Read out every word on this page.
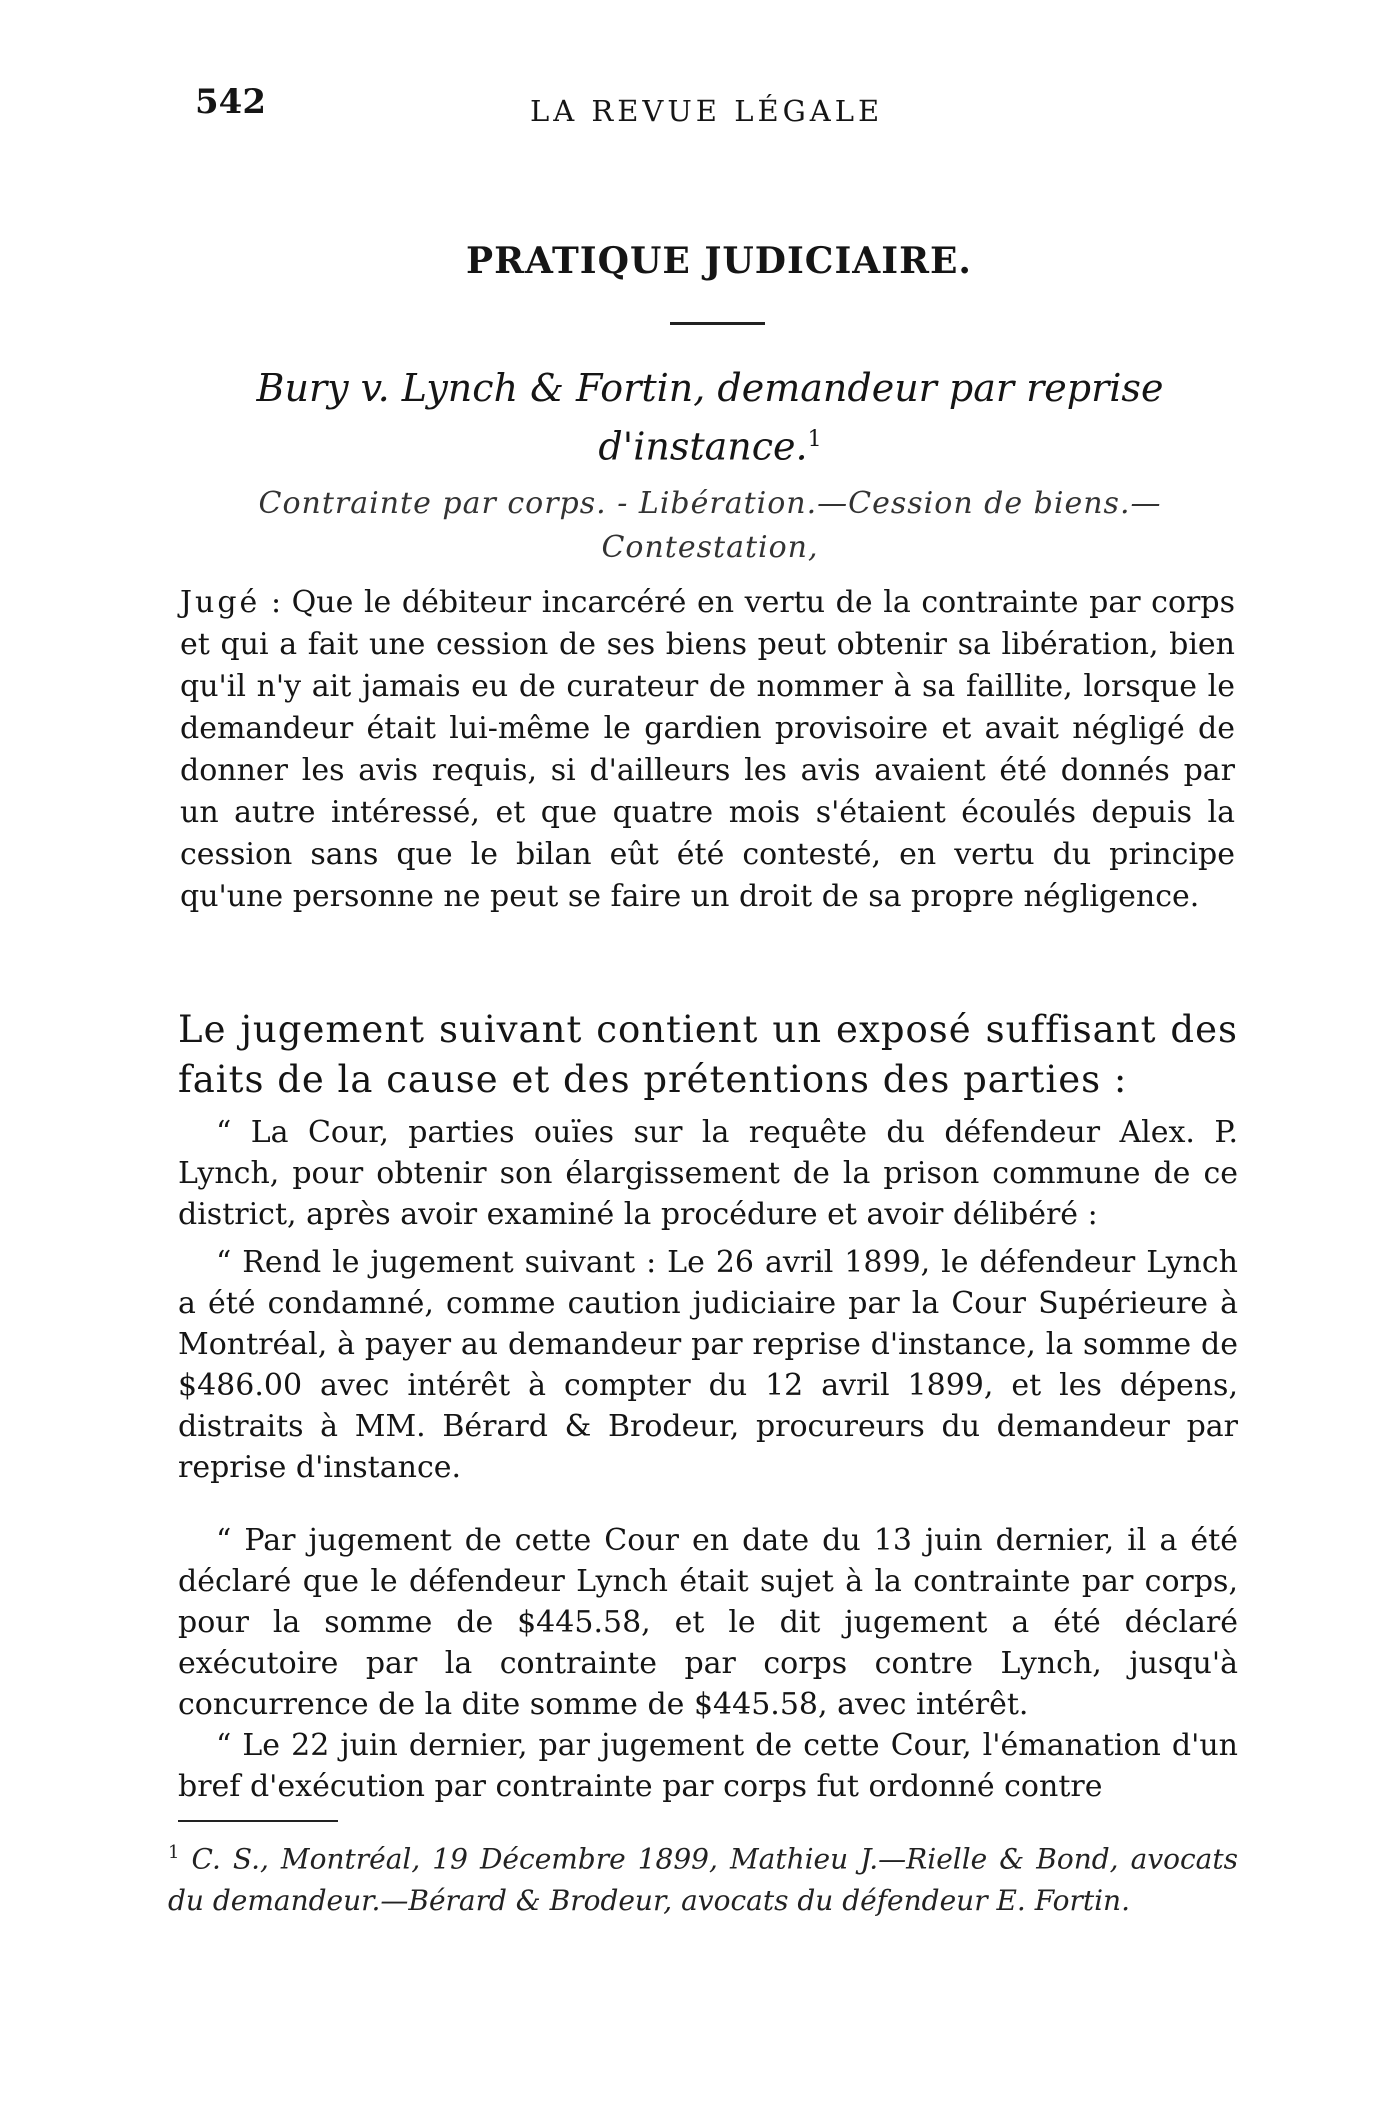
542	LA REVUE LÉGALE
PRATIQUE JUDICIAIRE.
Bury v. Lynch & Fortin, demandeur par reprise d'instance.$^1$
Contrainte par corps. - Libération.—Cession de biens.— Contestation,
Jugé : Que le débiteur incarcéré en vertu de la contrainte par corps et qui a fait une cession de ses biens peut obtenir sa libération, bien qu'il n'y ait jamais eu de curateur de nommer à sa faillite, lorsque le demandeur était lui-même le gardien provisoire et avait négligé de donner les avis requis, si d'ailleurs les avis avaient été donnés par un autre intéressé, et que quatre mois s'étaient écoulés depuis la cession sans que le bilan eût été contesté, en vertu du principe qu'une personne ne peut se faire un droit de sa propre négligence.
Le jugement suivant contient un exposé suffisant des faits de la cause et des prétentions des parties :
“ La Cour, parties ouïes sur la requête du défendeur Alex. P. Lynch, pour obtenir son élargissement de la prison commune de ce district, après avoir examiné la procédure et avoir délibéré :
“ Rend le jugement suivant : Le 26 avril 1899, le défendeur Lynch a été condamné, comme caution judiciaire par la Cour Supérieure à Montréal, à payer au demandeur par reprise d'instance, la somme de $486.00 avec intérêt à compter du 12 avril 1899, et les dépens, distraits à MM. Bérard & Brodeur, procureurs du demandeur par reprise d'instance.
“ Par jugement de cette Cour en date du 13 juin dernier, il a été déclaré que le défendeur Lynch était sujet à la contrainte par corps, pour la somme de $445.58, et le dit jugement a été déclaré exécutoire par la contrainte par corps contre Lynch, jusqu'à concurrence de la dite somme de $445.58, avec intérêt.
“ Le 22 juin dernier, par jugement de cette Cour, l'émanation d'un bref d'exécution par contrainte par corps fut ordonné contre
$^1$ C. S., Montréal, 19 Décembre 1899, Mathieu J.—Rielle & Bond, avocats du demandeur.—Bérard & Brodeur, avocats du défendeur E. Fortin.
